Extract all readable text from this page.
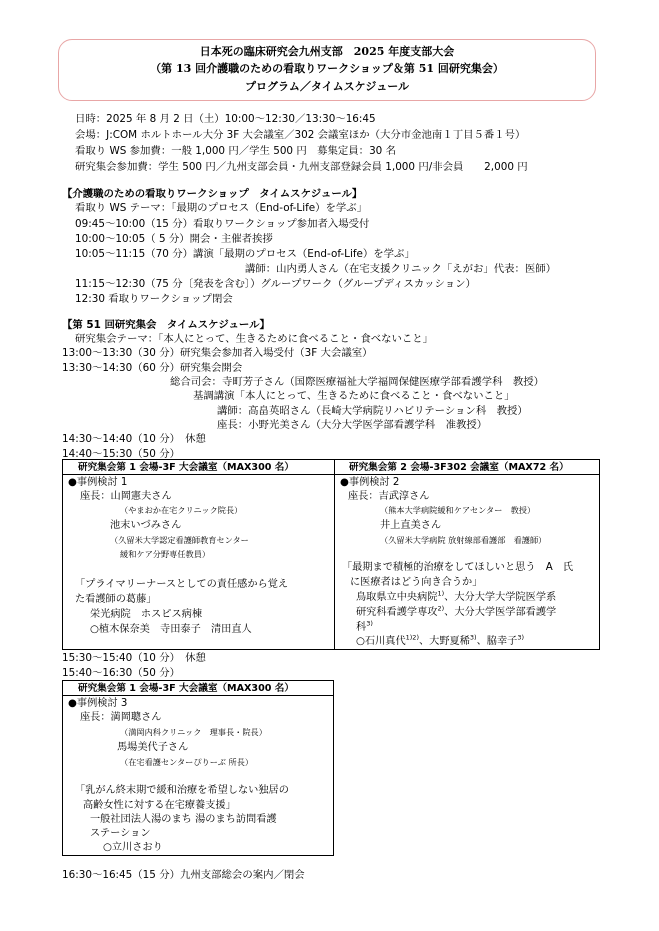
日本死の臨床研究会九州支部　2025 年度支部大会
（第 13 回介護職のための看取りワークショップ＆第 51 回研究集会）
プログラム／タイムスケジュール
日時：2025 年 8 月 2 日（土）10:00～12:30／13:30～16:45
会場：J:COM ホルトホール大分 3F 大会議室／302 会議室ほか（大分市金池南１丁目５番１号）
看取り WS 参加費：一般 1,000 円／学生 500 円　募集定員：30 名
研究集会参加費：学生 500 円／九州支部会員・九州支部登録会員 1,000 円/非会員　　2,000 円
【介護職のための看取りワークショップ　タイムスケジュール】
看取り WS テーマ：「最期のプロセス（End-of-Life）を学ぶ」
09:45～10:00（15 分）看取りワークショップ参加者入場受付
10:00～10:05（ 5 分）開会・主催者挨拶
10:05～11:15（70 分）講演「最期のプロセス（End-of-Life）を学ぶ」
講師：山内勇人さん（在宅支援クリニック「えがお」代表：医師）
11:15～12:30（75 分〔発表を含む〕）グループワーク（グループディスカッション）
12:30 看取りワークショップ閉会
【第 51 回研究集会　タイムスケジュール】
研究集会テーマ：「本人にとって、生きるために食べること・食べないこと」
13:00～13:30（30 分）研究集会参加者入場受付（3F 大会議室）
13:30～14:30（60 分）研究集会開会
総合司会：寺町芳子さん（国際医療福祉大学福岡保健医療学部看護学科　教授）
基調講演「本人にとって、生きるために食べること・食べないこと」
講師：高畠英昭さん（長崎大学病院リハビリテーション科　教授）
座長：小野光美さん（大分大学医学部看護学科　准教授）
14:30～14:40（10 分）　休憩
14:40～15:30（50 分）
研究集会第 1 会場-3F 大会議室（MAX300 名）
●事例検討 1
座長：山岡憲夫さん
（やまおか在宅クリニック院長）
池末いづみさん
（久留米大学認定看護師教育センター
緩和ケア分野専任教員）
「プライマリーナースとしての責任感から覚え
た看護師の葛藤」
栄光病院　ホスピス病棟
○植木保奈美　寺田泰子　清田直人
研究集会第 2 会場-3F302 会議室（MAX72 名）
●事例検討 2
座長：吉武淳さん
（熊本大学病院緩和ケアセンター　教授）
井上直美さん
（久留米大学病院 放射線部看護部　看護師）
「最期まで積極的治療をしてほしいと思う　A　氏
に医療者はどう向き合うか」
鳥取県立中央病院$^{1)}$、大分大学大学院医学系
研究科看護学専攻$^{2)}$、大分大学医学部看護学
科$^{3)}$
○石川真代$^{1)2)}$、大野夏稀$^{3)}$、脇幸子$^{3)}$
15:30～15:40（10 分）　休憩
15:40～16:30（50 分）
研究集会第 1 会場-3F 大会議室（MAX300 名）
●事例検討 3
座長：満岡聰さん
（満岡内科クリニック　理事長・院長）
馬場美代子さん
（在宅看護センターぴりーぶ 所長）
「乳がん終末期で緩和治療を希望しない独居の
高齢女性に対する在宅療養支援」
一般社団法人湯のまち 湯のまち訪問看護
ステーション
○立川さおり
16:30～16:45（15 分）九州支部総会の案内／閉会
